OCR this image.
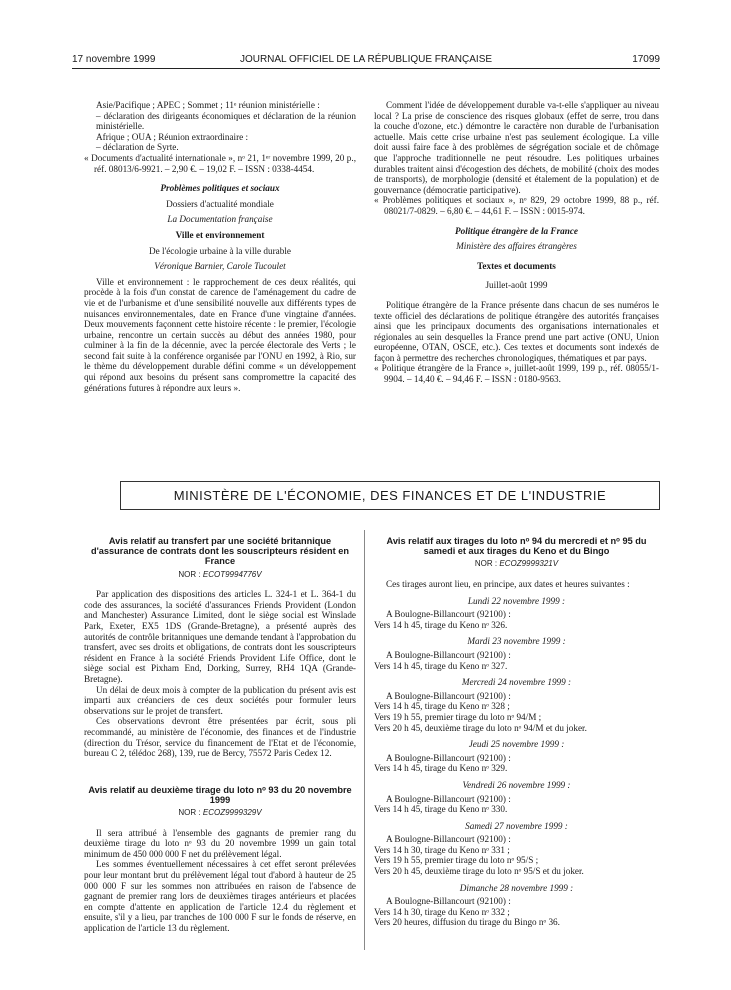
17 novembre 1999	JOURNAL OFFICIEL DE LA RÉPUBLIQUE FRANÇAISE	17099

Asie/Pacifique ; APEC ; Sommet ; 11ᵉ réunion ministérielle :

– déclaration des dirigeants économiques et déclaration de la réunion ministérielle.

Afrique ; OUA ; Réunion extraordinaire :

– déclaration de Syrte.

« Documents d'actualité internationale », nᵒ 21, 1ᵉʳ novembre 1999, 20 p., réf. 08013/6-9921. – 2,90 €. – 19,02 F. – ISSN : 0338-4454.

Problèmes politiques et sociaux

Dossiers d'actualité mondiale

La Documentation française

Ville et environnement

De l'écologie urbaine à la ville durable

Véronique Barnier, Carole Tucoulet

Ville et environnement : le rapprochement de ces deux réalités, qui procède à la fois d'un constat de carence de l'aménagement du cadre de vie et de l'urbanisme et d'une sensibilité nouvelle aux différents types de nuisances environnementales, date en France d'une vingtaine d'années. Deux mouvements façonnent cette histoire récente : le premier, l'écologie urbaine, rencontre un certain succès au début des années 1980, pour culminer à la fin de la décennie, avec la percée électorale des Verts ; le second fait suite à la conférence organisée par l'ONU en 1992, à Rio, sur le thème du développement durable défini comme « un développement qui répond aux besoins du présent sans compromettre la capacité des générations futures à répondre aux leurs ».

Comment l'idée de développement durable va-t-elle s'appliquer au niveau local ? La prise de conscience des risques globaux (effet de serre, trou dans la couche d'ozone, etc.) démontre le caractère non durable de l'urbanisation actuelle. Mais cette crise urbaine n'est pas seulement écologique. La ville doit aussi faire face à des problèmes de ségrégation sociale et de chômage que l'approche traditionnelle ne peut résoudre. Les politiques urbaines durables traitent ainsi d'écogestion des déchets, de mobilité (choix des modes de transports), de morphologie (densité et étalement de la population) et de gouvernance (démocratie participative).

« Problèmes politiques et sociaux », nᵒ 829, 29 octobre 1999, 88 p., réf. 08021/7-0829. – 6,80 €. – 44,61 F. – ISSN : 0015-974.

Politique étrangère de la France

Ministère des affaires étrangères

Textes et documents

Juillet-août 1999

Politique étrangère de la France présente dans chacun de ses numéros le texte officiel des déclarations de politique étrangère des autorités françaises ainsi que les principaux documents des organisations internationales et régionales au sein desquelles la France prend une part active (ONU, Union européenne, OTAN, OSCE, etc.). Ces textes et documents sont indexés de façon à permettre des recherches chronologiques, thématiques et par pays.

« Politique étrangère de la France », juillet-août 1999, 199 p., réf. 08055/1-9904. – 14,40 €. – 94,46 F. – ISSN : 0180-9563.

MINISTÈRE DE L'ÉCONOMIE, DES FINANCES ET DE L'INDUSTRIE

Avis relatif au transfert par une société britannique d'assurance de contrats dont les souscripteurs résident en France

NOR : ECOT9994776V

Par application des dispositions des articles L. 324-1 et L. 364-1 du code des assurances, la société d'assurances Friends Provident (London and Manchester) Assurance Limited, dont le siège social est Winslade Park, Exeter, EX5 1DS (Grande-Bretagne), a présenté auprès des autorités de contrôle britanniques une demande tendant à l'approbation du transfert, avec ses droits et obligations, de contrats dont les souscripteurs résident en France à la société Friends Provident Life Office, dont le siège social est Pixham End, Dorking, Surrey, RH4 1QA (Grande-Bretagne).

Un délai de deux mois à compter de la publication du présent avis est imparti aux créanciers de ces deux sociétés pour formuler leurs observations sur le projet de transfert.

Ces observations devront être présentées par écrit, sous pli recommandé, au ministère de l'économie, des finances et de l'industrie (direction du Trésor, service du financement de l'Etat et de l'économie, bureau C 2, télédoc 268), 139, rue de Bercy, 75572 Paris Cedex 12.

Avis relatif au deuxième tirage du loto nᵒ 93 du 20 novembre 1999

NOR : ECOZ9999329V

Il sera attribué à l'ensemble des gagnants de premier rang du deuxième tirage du loto nᵒ 93 du 20 novembre 1999 un gain total minimum de 450 000 000 F net du prélèvement légal.

Les sommes éventuellement nécessaires à cet effet seront prélevées pour leur montant brut du prélèvement légal tout d'abord à hauteur de 25 000 000 F sur les sommes non attribuées en raison de l'absence de gagnant de premier rang lors de deuxièmes tirages antérieurs et placées en compte d'attente en application de l'article 12.4 du règlement et ensuite, s'il y a lieu, par tranches de 100 000 F sur le fonds de réserve, en application de l'article 13 du règlement.

Avis relatif aux tirages du loto nᵒ 94 du mercredi et nᵒ 95 du samedi et aux tirages du Keno et du Bingo

NOR : ECOZ9999321V

Ces tirages auront lieu, en principe, aux dates et heures suivantes :

Lundi 22 novembre 1999 :

A Boulogne-Billancourt (92100) :

Vers 14 h 45, tirage du Keno nᵒ 326.

Mardi 23 novembre 1999 :

A Boulogne-Billancourt (92100) :

Vers 14 h 45, tirage du Keno nᵒ 327.

Mercredi 24 novembre 1999 :

A Boulogne-Billancourt (92100) :

Vers 14 h 45, tirage du Keno nᵒ 328 ;

Vers 19 h 55, premier tirage du loto nᵒ 94/M ;

Vers 20 h 45, deuxième tirage du loto nᵒ 94/M et du joker.

Jeudi 25 novembre 1999 :

A Boulogne-Billancourt (92100) :

Vers 14 h 45, tirage du Keno nᵒ 329.

Vendredi 26 novembre 1999 :

A Boulogne-Billancourt (92100) :

Vers 14 h 45, tirage du Keno nᵒ 330.

Samedi 27 novembre 1999 :

A Boulogne-Billancourt (92100) :

Vers 14 h 30, tirage du Keno nᵒ 331 ;

Vers 19 h 55, premier tirage du loto nᵒ 95/S ;

Vers 20 h 45, deuxième tirage du loto nᵒ 95/S et du joker.

Dimanche 28 novembre 1999 :

A Boulogne-Billancourt (92100) :

Vers 14 h 30, tirage du Keno nᵒ 332 ;

Vers 20 heures, diffusion du tirage du Bingo nᵒ 36.
